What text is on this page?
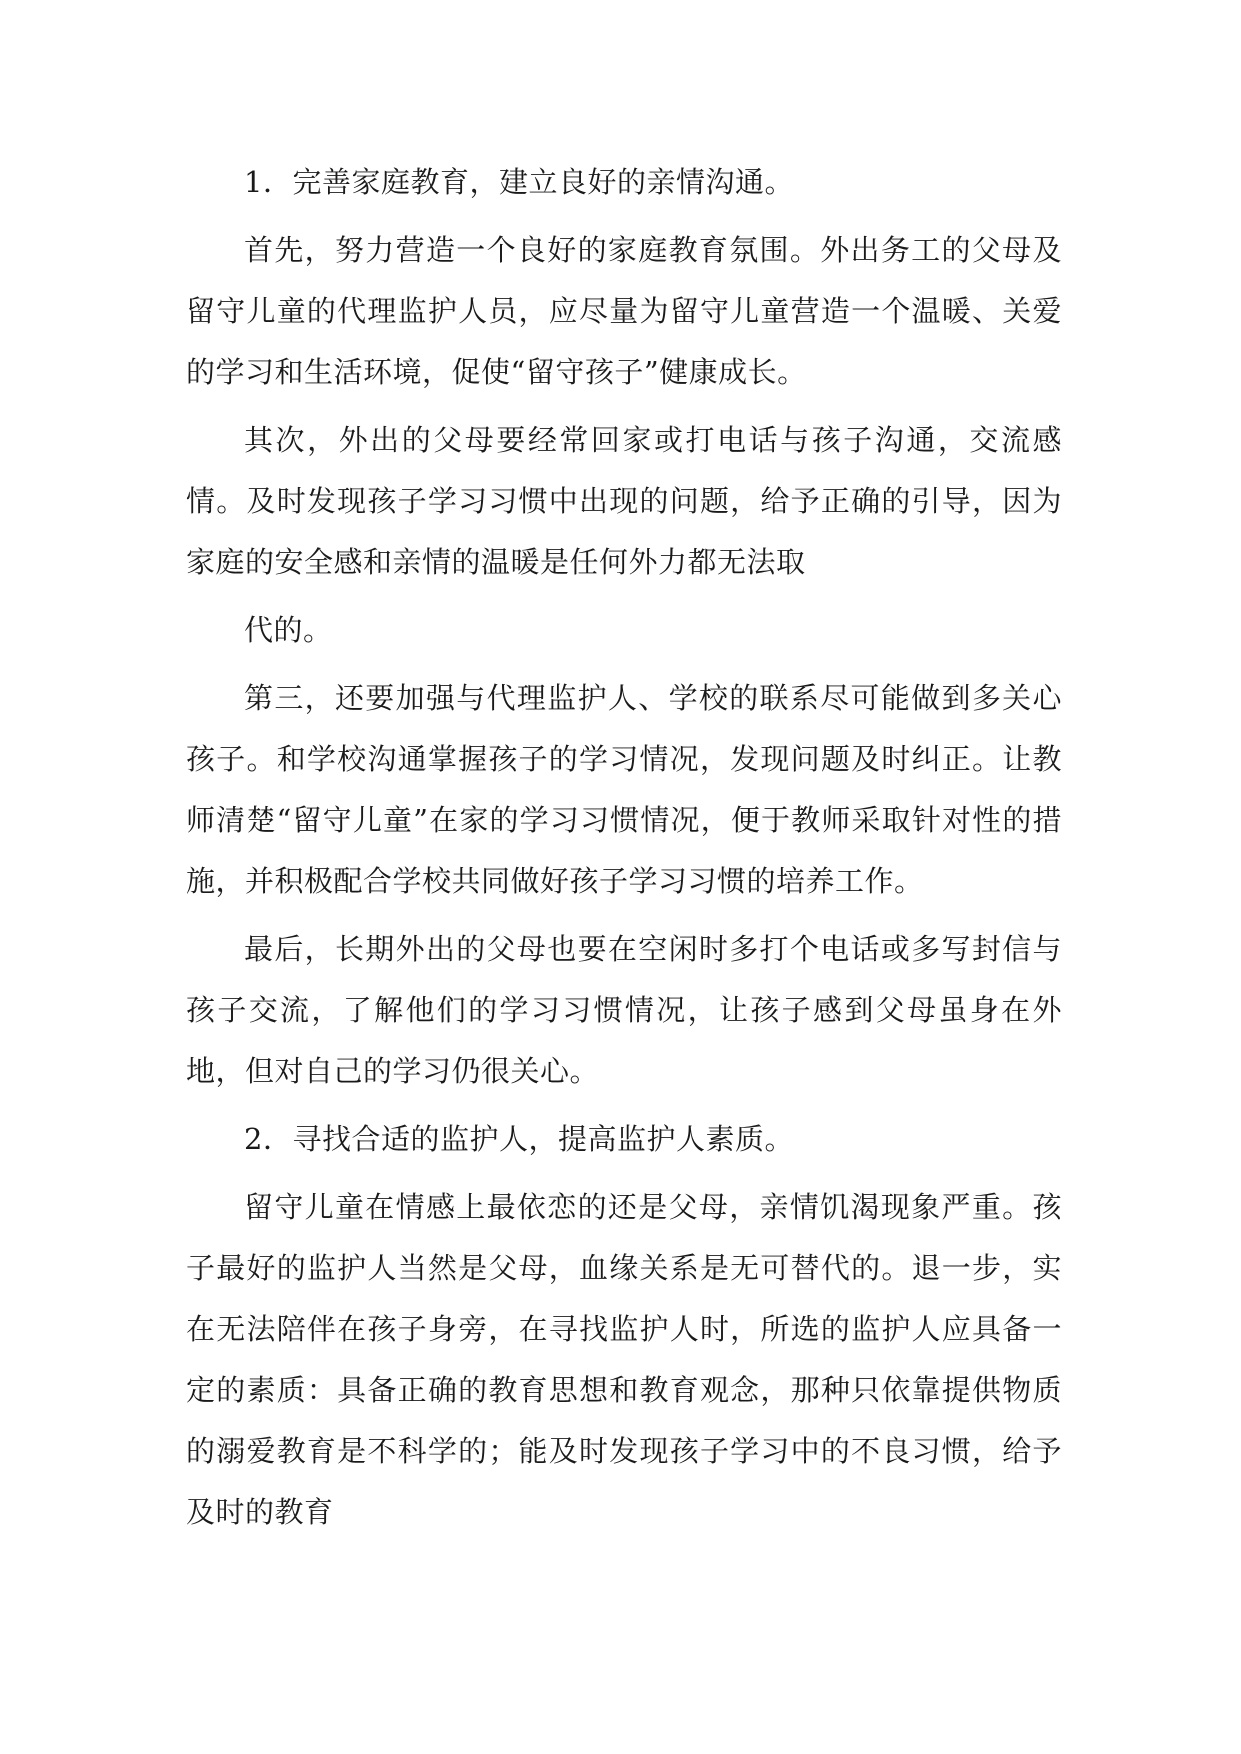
1．完善家庭教育，建立良好的亲情沟通。

首先，努力营造一个良好的家庭教育氛围。外出务工的父母及留守儿童的代理监护人员，应尽量为留守儿童营造一个温暖、关爱的学习和生活环境，促使“留守孩子”健康成长。

其次，外出的父母要经常回家或打电话与孩子沟通，交流感情。及时发现孩子学习习惯中出现的问题，给予正确的引导，因为家庭的安全感和亲情的温暖是任何外力都无法取

代的。

第三，还要加强与代理监护人、学校的联系尽可能做到多关心孩子。和学校沟通掌握孩子的学习情况，发现问题及时纠正。让教师清楚“留守儿童”在家的学习习惯情况，便于教师采取针对性的措施，并积极配合学校共同做好孩子学习习惯的培养工作。

最后，长期外出的父母也要在空闲时多打个电话或多写封信与孩子交流，了解他们的学习习惯情况，让孩子感到父母虽身在外地，但对自己的学习仍很关心。

2．寻找合适的监护人，提高监护人素质。

留守儿童在情感上最依恋的还是父母，亲情饥渴现象严重。孩子最好的监护人当然是父母，血缘关系是无可替代的。退一步，实在无法陪伴在孩子身旁，在寻找监护人时，所选的监护人应具备一定的素质：具备正确的教育思想和教育观念，那种只依靠提供物质的溺爱教育是不科学的；能及时发现孩子学习中的不良习惯，给予及时的教育
